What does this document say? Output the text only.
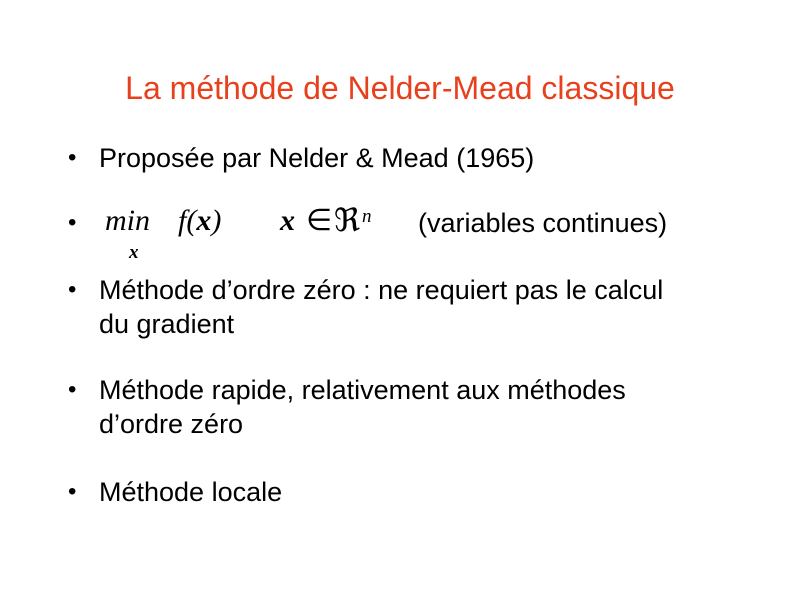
La méthode de Nelder-Mead classique
• Proposée par Nelder & Mead (1965)
• min
x
f(x) x ∈ ℜ n (variables continues)
• Méthode d’ordre zéro : ne requiert pas le calcul
du gradient
• Méthode rapide, relativement aux méthodes
d’ordre zéro
• Méthode locale
